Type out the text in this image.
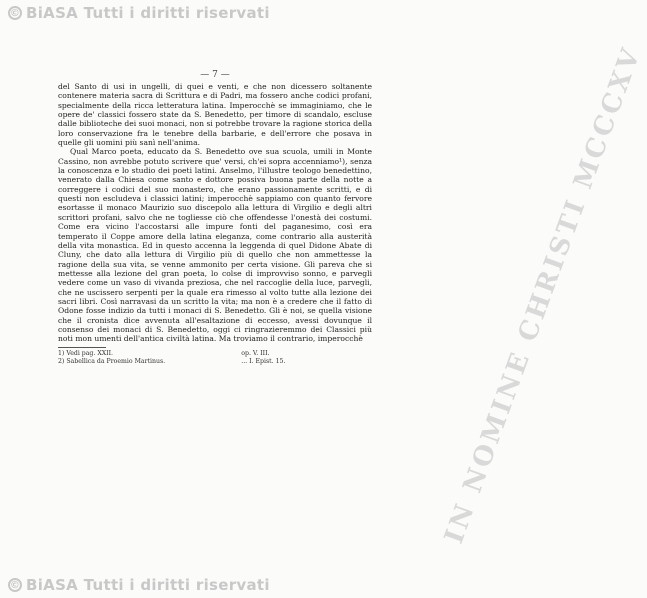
© BiASA Tutti i diritti riservati
IN NOMINE CHRISTI MCCCXV
— 7 —

del Santo di usi in ungelli, di quei e venti, e che non dicessero soltanente contenere materia sacra di Scrittura e di Padri, ma fossero anche codici profani, specialmente della ricca letteratura latina. Imperocchè se immaginiamo, che le opere de' classici fossero state da S. Benedetto, per timore di scandalo, escluse dalle biblioteche dei suoi monaci, non si potrebbe trovare la ragione storica della loro conservazione fra le tenebre della barbarie, e dell'errore che posava in quelle gli uomini più sanì nell'anima.

Qual Marco poeta, educato da S. Benedetto ove sua scuola, umili in Monte Cassino, non avrebbe potuto scrivere que' versi, ch'ei sopra accenniamo¹), senza la conoscenza e lo studio dei poeti latini. Anselmo, l'illustre teologo benedettino, venerato dalla Chiesa come santo e dottore possiva buona parte della notte a correggere i codici del suo monastero, che erano passionamente scritti, e di questi non escludeva i classici latini; imperocchè sappiamo con quanto fervore esortasse il monaco Maurizio suo discepolo alla lettura di Virgilio e degli altri scrittori profani, salvo che ne togliesse ciò che offendesse l'onestà dei costumi. Come era vicino l'accostarsi alle impure fonti del paganesimo, così era temperato il Coppe amore della latina eleganza, come contrario alla austerità della vita monastica. Ed in questo accenna la leggenda di quel Didone Abate di Cluny, che dato alla lettura di Virgilio più di quello che non ammettesse la ragione della sua vita, se venne ammonito per certa visione. Gli pareva che si mettesse alla lezione del gran poeta, lo colse di improvviso sonno, e parvegli vedere come un vaso di vivanda preziosa, che nel raccoglie della luce, parvegli, che ne uscissero serpenti per la quale era rimesso al volto tutte alla lezione dei sacri libri. Così narravasi da un scritto la vita; ma non è a credere che il fatto di Odone fosse indizio da tutti i monaci di S. Benedetto. Gli è noi, se quella visione che il cronista dice avvenuta all'esaltazione di eccesso, avessi dovunque il consenso dei monaci di S. Benedetto, oggi ci ringrazieremmo dei Classici più noti mon umenti dell'antica civiltà latina. Ma troviamo il contrario, imperocchè

1) Vedi pag. XXII.
2) Sabellica da Proemio Martinus.
op. V. III.
... I. Epist. 15.
© BiASA Tutti i diritti riservati
